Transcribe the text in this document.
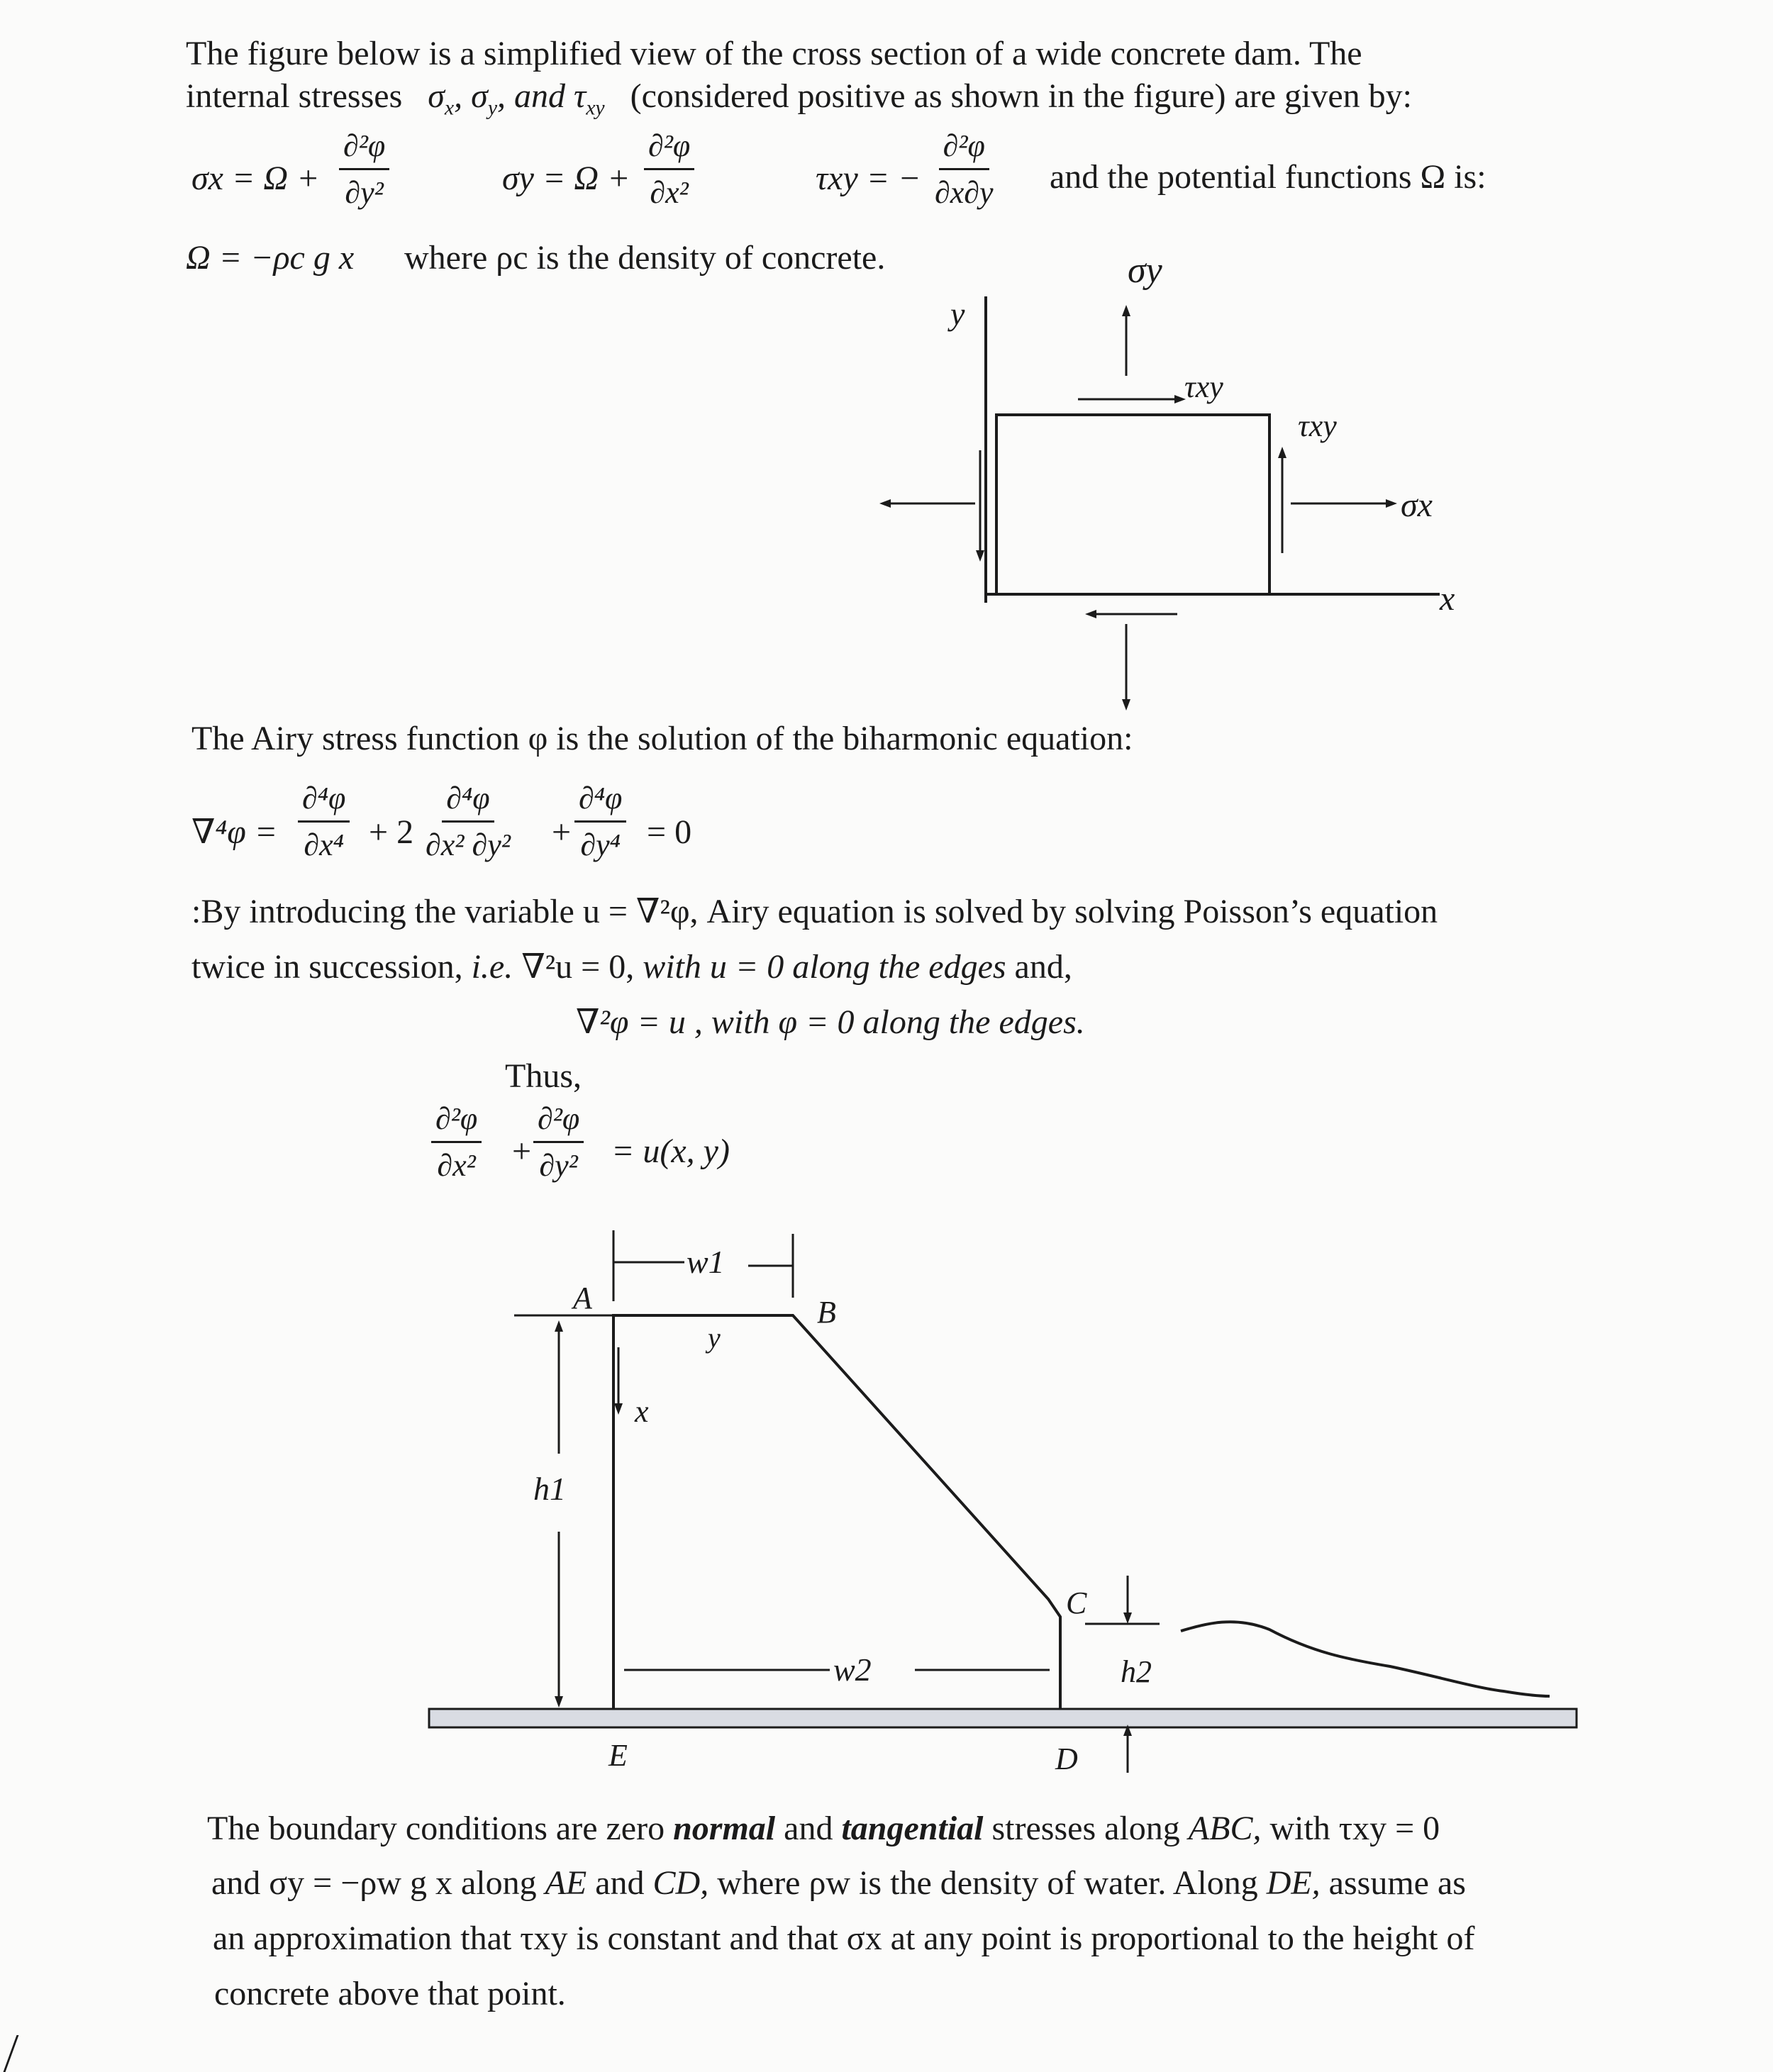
The figure below is a simplified view of the cross section of a wide concrete dam. The
internal stresses   $\sigma_x$, $\sigma_y$, and $\tau_{xy}$ (considered positive as shown in the figure) are given by:
$\sigma x = \Omega + \frac{\text{∂²φ}}{\text{∂y²}}$	$\sigma y = \Omega + \frac{\text{∂²φ}}{\text{∂x²}}$	τxy = − $\frac{\text{∂²φ}}{\partial x\partial y}$ and the potential functions Ω is:
Ω = −ρc g x where ρc is the density of concrete.
y
σy
τxy
τxy
σx
x
The Airy stress function φ is the solution of the biharmonic equation:
$\nabla^4\varphi = \frac{\text{∂⁴φ}}{\text{∂x⁴}} + 2 \frac{\text{∂⁴φ}}{\text{∂x² ∂y²}} + \frac{\text{∂⁴φ}}{\text{∂y⁴}} = 0$
:By introducing the variable u = ∇²φ, Airy equation is solved by solving Poisson’s equation
twice in succession, i.e. ∇²u = 0, with u = 0 along the edges and,
∇²φ = u , with φ = 0 along the edges.
Thus,
$\frac{\text{∂²φ}}{\text{∂x²}} + \frac{\text{∂²φ}}{\text{∂y²}} = u(x$, y)
w1
A	B
y
x
h1
C
w2	h2
E	D
The boundary conditions are zero normal and tangential stresses along ABC, with τxy = 0
and σy = −ρw g x along AE and CD, where ρw is the density of water. Along DE, assume as
an approximation that τxy is constant and that σx at any point is proportional to the height of
concrete above that point.
